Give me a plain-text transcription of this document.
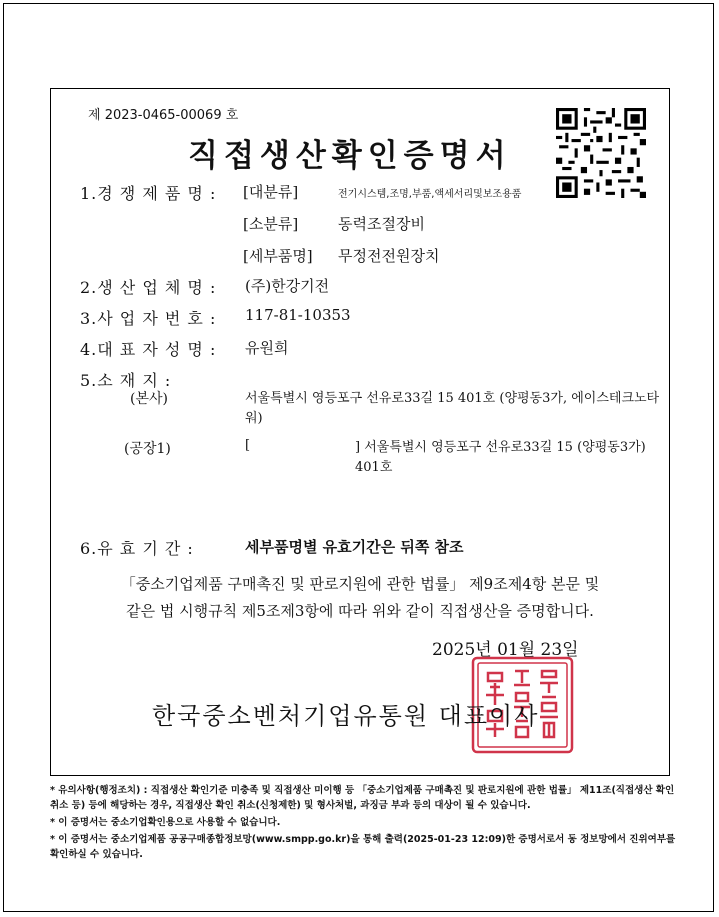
제 2023-0465-00069 호
직접생산확인증명서
1.경 쟁 제 품 명 : [대분류]	전기시스템,조명,부품,액세서리및보조용품
[소분류]	동력조절장비
[세부품명] 무정전전원장치
2.생 산 업 체 명 : (주)한강기전
3.사 업 자 번 호 : 117-81-10353
4.대 표 자 성 명 : 유원희
5.소 재 지 :
(본사)	서울특별시 영등포구 선유로33길 15 401호 (양평동3가, 에이스테크노타워)
(공장1)	[	] 서울특별시 영등포구 선유로33길 15 (양평동3가) 401호
6.유 효 기 간 :	세부품명별 유효기간은 뒤쪽 참조
「중소기업제품 구매촉진 및 판로지원에 관한 법률」 제9조제4항 본문 및
같은 법 시행규칙 제5조제3항에 따라 위와 같이 직접생산을 증명합니다.
2025년 01월 23일
한국중소벤처기업유통원 대표이사

* 유의사항(행정조치) : 직접생산 확인기준 미충족 및 직접생산 미이행 등 「중소기업제품 구매촉진 및 판로지원에 관한 법률」 제11조(직접생산 확인 취소 등) 등에 해당하는 경우, 직접생산 확인 취소(신청제한) 및 형사처벌, 과징금 부과 등의 대상이 될 수 있습니다.

* 이 증명서는 중소기업확인용으로 사용할 수 없습니다.

* 이 증명서는 중소기업제품 공공구매종합정보망(www.smpp.go.kr)을 통해 출력(2025-01-23 12:09)한 증명서로서 동 정보망에서 진위여부를 확인하실 수 있습니다.
